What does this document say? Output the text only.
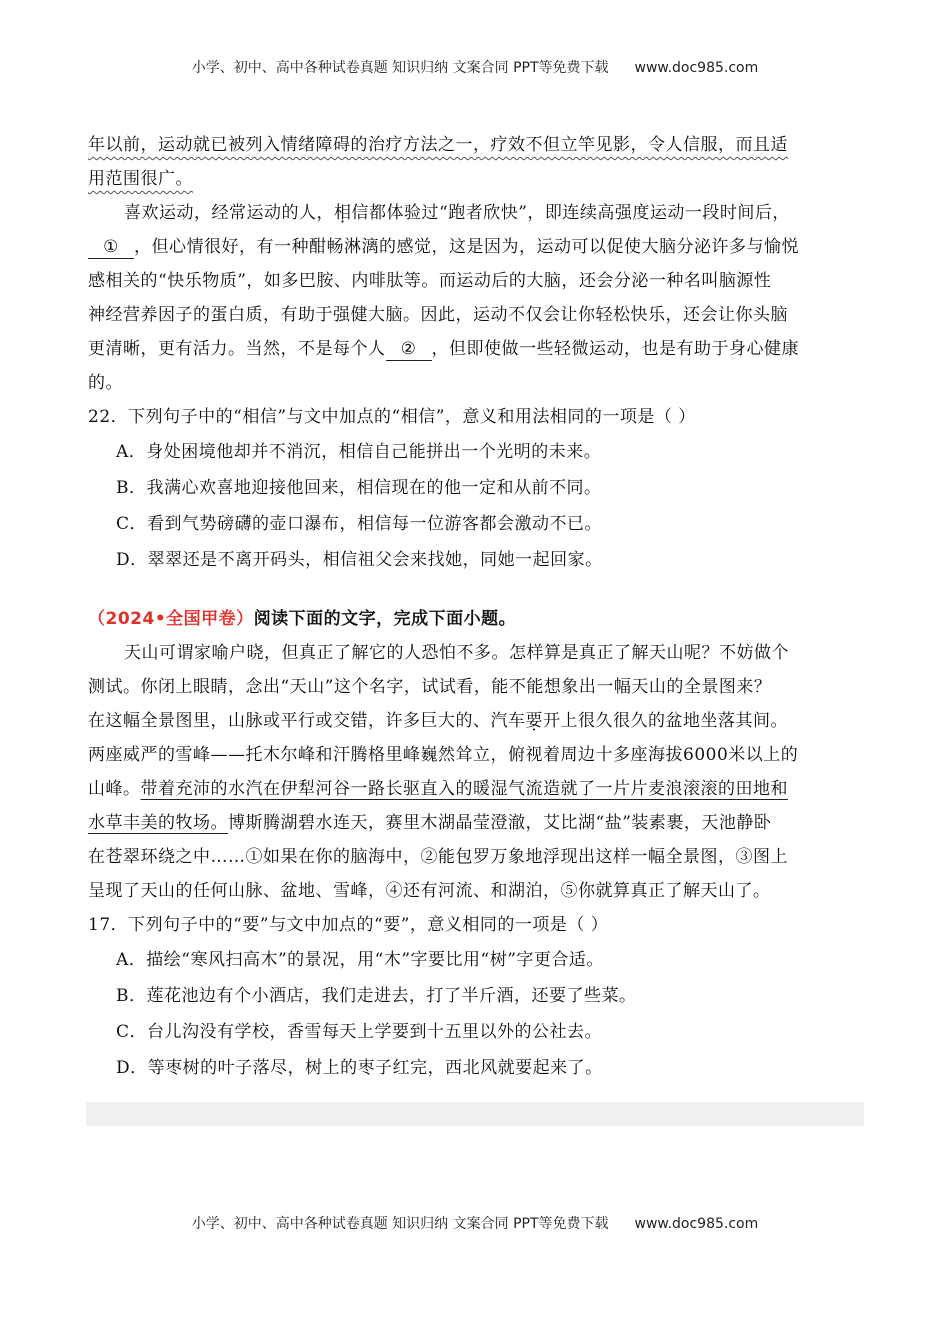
小学、初中、高中各种试卷真题 知识归纳 文案合同 PPT等免费下载 www.doc985.com
年以前，运动就已被列入情绪障碍的治疗方法之一，疗效不但立竿见影，令人信服，而且适
用范围很广。
喜欢运动，经常运动的人，相信都体验过“跑者欣快”，即连续高强度运动一段时间后，
① ，但心情很好，有一种酣畅淋漓的感觉，这是因为，运动可以促使大脑分泌许多与愉悦
感相关的“快乐物质”，如多巴胺、内啡肽等。而运动后的大脑，还会分泌一种名叫脑源性
神经营养因子的蛋白质，有助于强健大脑。因此，运动不仅会让你轻松快乐，还会让你头脑
更清晰，更有活力。当然，不是每个人 ② ，但即使做一些轻微运动，也是有助于身心健康
的。
22．下列句子中的“相信”与文中加点的“相信”，意义和用法相同的一项是（ ）
A．身处困境他却并不消沉，相信自己能拼出一个光明的未来。
B．我满心欢喜地迎接他回来，相信现在的他一定和从前不同。
C．看到气势磅礴的壶口瀑布，相信每一位游客都会激动不已。
D．翠翠还是不离开码头，相信祖父会来找她，同她一起回家。
（2024•全国甲卷）阅读下面的文字，完成下面小题。
天山可谓家喻户晓，但真正了解它的人恐怕不多。怎样算是真正了解天山呢？不妨做个
测试。你闭上眼睛，念出“天山”这个名字，试试看，能不能想象出一幅天山的全景图来？
在这幅全景图里，山脉或平行或交错，许多巨大的、汽车要开上很久很久的盆地坐落其间。
两座威严的雪峰——托木尔峰和汗腾格里峰巍然耸立，俯视着周边十多座海拔6000米以上的
山峰。带着充沛的水汽在伊犁河谷一路长驱直入的暖湿气流造就了一片片麦浪滚滚的田地和
水草丰美的牧场。博斯腾湖碧水连天，赛里木湖晶莹澄澈，艾比湖“盐”装素裹，天池静卧
在苍翠环绕之中……①如果在你的脑海中，②能包罗万象地浮现出这样一幅全景图，③图上
呈现了天山的任何山脉、盆地、雪峰，④还有河流、和湖泊，⑤你就算真正了解天山了。
17．下列句子中的“要”与文中加点的“要”，意义相同的一项是（ ）
A．描绘“寒风扫高木”的景况，用“木”字要比用“树”字更合适。
B．莲花池边有个小酒店，我们走进去，打了半斤酒，还要了些菜。
C．台儿沟没有学校，香雪每天上学要到十五里以外的公社去。
D．等枣树的叶子落尽，树上的枣子红完，西北风就要起来了。
小学、初中、高中各种试卷真题 知识归纳 文案合同 PPT等免费下载 www.doc985.com
